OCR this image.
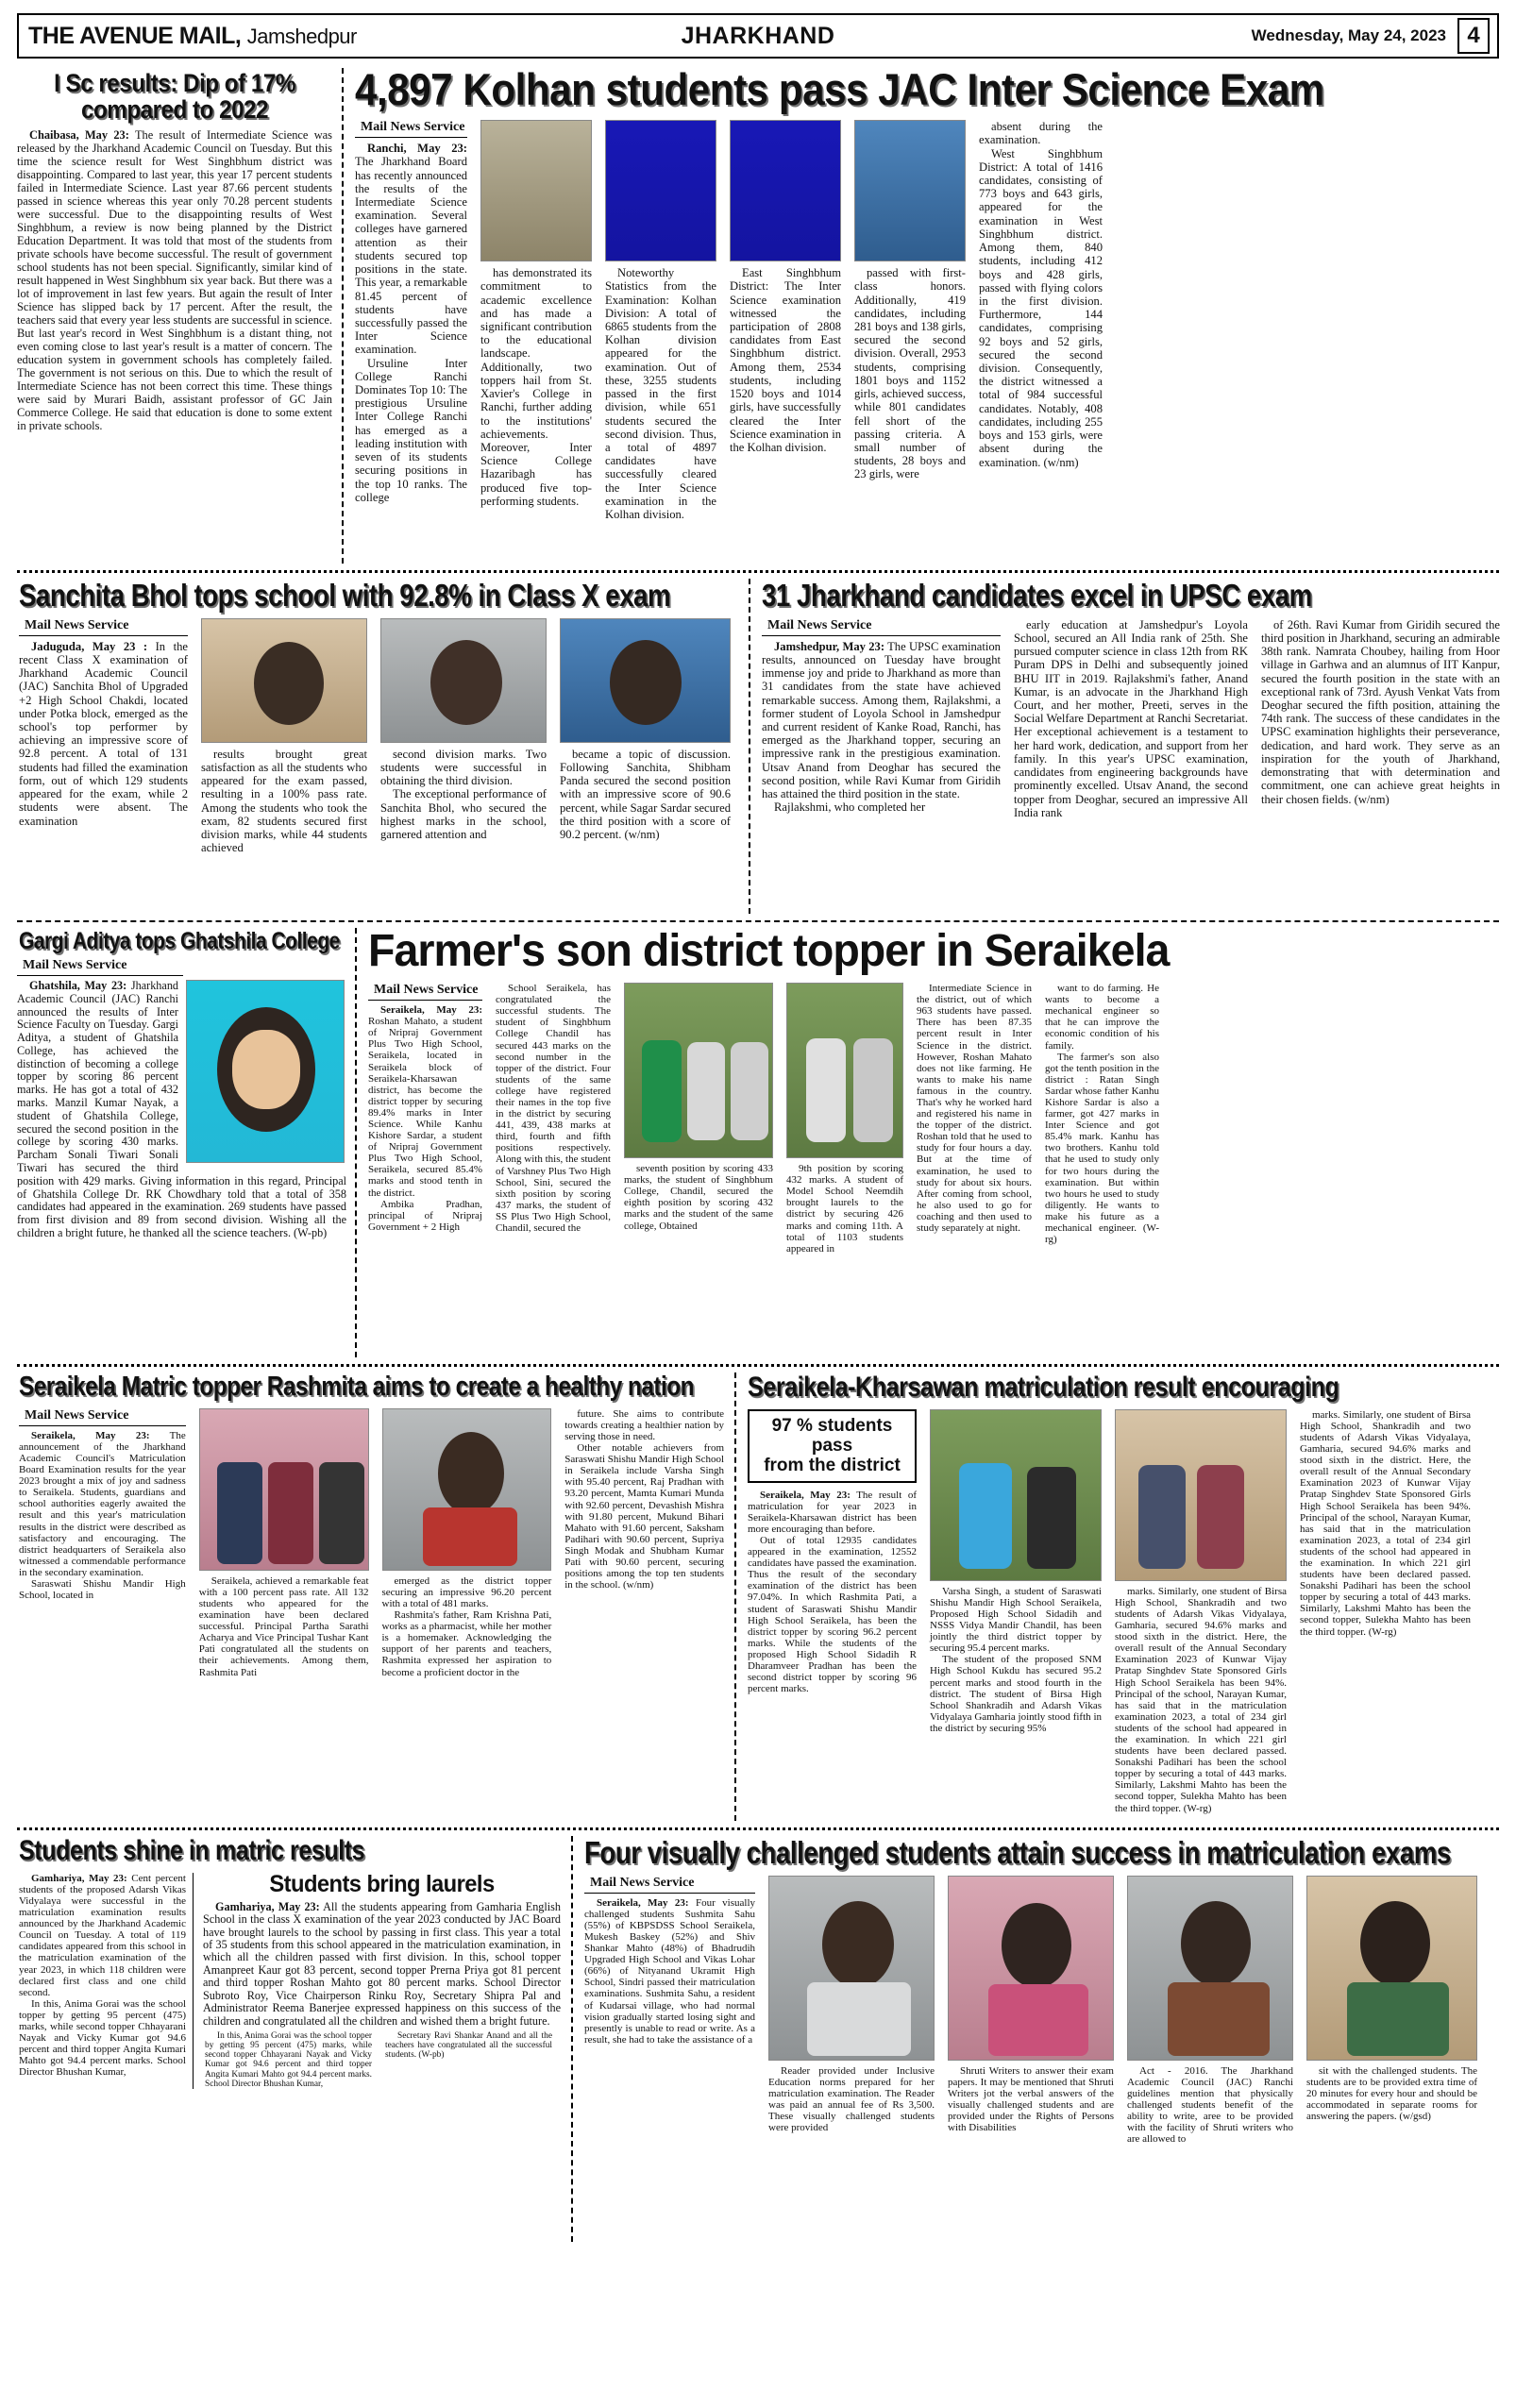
THE AVENUE MAIL, Jamshedpur	JHARKHAND	Wednesday, May 24, 2023 4
I Sc results: Dip of 17%
compared to 2022

Chaibasa, May 23: The result of Intermediate Science was released by the Jharkhand Academic Council on Tuesday. But this time the science result for West Singhbhum district was disappointing. Compared to last year, this year 17 percent students failed in Intermediate Science. Last year 87.66 percent students passed in science whereas this year only 70.28 percent students were successful. Due to the disappointing results of West Singhbhum, a review is now being planned by the District Education Department. It was told that most of the students from private schools have become successful. The result of government school students has not been special. Significantly, similar kind of result happened in West Singhbhum six year back. But there was a lot of improvement in last few years. But again the result of Inter Science has slipped back by 17 percent. After the result, the teachers said that every year less students are successful in science. But last year's record in West Singhbhum is a distant thing, not even coming close to last year's result is a matter of concern. The education system in government schools has completely failed. The government is not serious on this. Due to which the result of Intermediate Science has not been correct this time. These things were said by Murari Baidh, assistant professor of GC Jain Commerce College. He said that education is done to some extent in private schools.

4,897 Kolhan students pass JAC Inter Science Exam
Mail News Service

Ranchi, May 23: The Jharkhand Board has recently announced the results of the Intermediate Science examination. Several colleges have garnered attention as their students secured top positions in the state. This year, a remarkable 81.45 percent of students have successfully passed the Inter Science examination.

Ursuline Inter College Ranchi Dominates Top 10: The prestigious Ursuline Inter College Ranchi has emerged as a leading institution with seven of its students securing positions in the top 10 ranks. The college

has demonstrated its commitment to academic excellence and has made a significant contribution to the educational landscape. Additionally, two toppers hail from St. Xavier's College in Ranchi, further adding to the institutions' achievements. Moreover, Inter Science College Hazaribagh has produced five top-performing students.

Noteworthy Statistics from the Examination: Kolhan Division: A total of 6865 students from the Kolhan division appeared for the examination. Out of these, 3255 students passed in the first division, while 651 students secured the second division. Thus, a total of 4897 candidates have successfully cleared the Inter Science examination in the Kolhan division.

East Singhbhum District: The Inter Science examination witnessed the participation of 2808 candidates from East Singhbhum district. Among them, 2534 students, including 1520 boys and 1014 girls, have successfully cleared the Inter Science examination in the Kolhan division.

passed with first-class honors. Additionally, 419 candidates, including 281 boys and 138 girls, secured the second division. Overall, 2953 students, comprising 1801 boys and 1152 girls, achieved success, while 801 candidates fell short of the passing criteria. A small number of students, 28 boys and 23 girls, were

absent during the examination.

West Singhbhum District: A total of 1416 candidates, consisting of 773 boys and 643 girls, appeared for the examination in West Singhbhum district. Among them, 840 students, including 412 boys and 428 girls, passed with flying colors in the first division. Furthermore, 144 candidates, comprising 92 boys and 52 girls, secured the second division. Consequently, the district witnessed a total of 984 successful candidates. Notably, 408 candidates, including 255 boys and 153 girls, were absent during the examination. (w/nm)

Sanchita Bhol tops school with 92.8% in Class X exam
Mail News Service

Jaduguda, May 23 : In the recent Class X examination of Jharkhand Academic Council (JAC) Sanchita Bhol of Upgraded +2 High School Chakdi, located under Potka block, emerged as the school's top performer by achieving an impressive score of 92.8 percent. A total of 131 students had filled the examination form, out of which 129 students appeared for the exam, while 2 students were absent. The examination

results brought great satisfaction as all the students who appeared for the exam passed, resulting in a 100% pass rate. Among the students who took the exam, 82 students secured first division marks, while 44 students achieved

second division marks. Two students were successful in obtaining the third division.

The exceptional performance of Sanchita Bhol, who secured the highest marks in the school, garnered attention and

became a topic of discussion. Following Sanchita, Shibham Panda secured the second position with an impressive score of 90.6 percent, while Sagar Sardar secured the third position with a score of 90.2 percent. (w/nm)

31 Jharkhand candidates excel in UPSC exam
Mail News Service

Jamshedpur, May 23: The UPSC examination results, announced on Tuesday have brought immense joy and pride to Jharkhand as more than 31 candidates from the state have achieved remarkable success. Among them, Rajlakshmi, a former student of Loyola School in Jamshedpur and current resident of Kanke Road, Ranchi, has emerged as the Jharkhand topper, securing an impressive rank in the prestigious examination. Utsav Anand from Deoghar has secured the second position, while Ravi Kumar from Giridih has attained the third position in the state.

Rajlakshmi, who completed her

early education at Jamshedpur's Loyola School, secured an All India rank of 25th. She pursued computer science in class 12th from RK Puram DPS in Delhi and subsequently joined BHU IIT in 2019. Rajlakshmi's father, Anand Kumar, is an advocate in the Jharkhand High Court, and her mother, Preeti, serves in the Social Welfare Department at Ranchi Secretariat. Her exceptional achievement is a testament to her hard work, dedication, and support from her family. In this year's UPSC examination, candidates from engineering backgrounds have prominently excelled. Utsav Anand, the second topper from Deoghar, secured an impressive All India rank

of 26th. Ravi Kumar from Giridih secured the third position in Jharkhand, securing an admirable 38th rank. Namrata Choubey, hailing from Hoor village in Garhwa and an alumnus of IIT Kanpur, secured the fourth position in the state with an exceptional rank of 73rd. Ayush Venkat Vats from Deoghar secured the fifth position, attaining the 74th rank. The success of these candidates in the UPSC examination highlights their perseverance, dedication, and hard work. They serve as an inspiration for the youth of Jharkhand, demonstrating that with determination and commitment, one can achieve great heights in their chosen fields. (w/nm)

Gargi Aditya tops Ghatshila College
Mail News Service

Ghatshila, May 23: Jharkhand Academic Council (JAC) Ranchi announced the results of Inter Science Faculty on Tuesday. Gargi Aditya, a student of Ghatshila College, has achieved the distinction of becoming a college topper by scoring 86 percent marks. He has got a total of 432 marks. Manzil Kumar Nayak, a student of Ghatshila College, secured the second position in the college by scoring 430 marks. Parcham Sonali Tiwari Sonali Tiwari has secured the third position with 429 marks. Giving information in this regard, Principal of Ghatshila College Dr. RK Chowdhary told that a total of 358 candidates had appeared in the examination. 269 students have passed from first division and 89 from second division. Wishing all the children a bright future, he thanked all the science teachers. (W-pb)

Farmer's son district topper in Seraikela
Mail News Service

Seraikela, May 23: Roshan Mahato, a student of Nripraj Government Plus Two High School, Seraikela, located in Seraikela block of Seraikela-Kharsawan district, has become the district topper by securing 89.4% marks in Inter Science. While Kanhu Kishore Sardar, a student of Nripraj Government Plus Two High School, Seraikela, secured 85.4% marks and stood tenth in the district.

Ambika Pradhan, principal of Nripraj Government + 2 High

School Seraikela, has congratulated the successful students. The student of Singhbhum College Chandil has secured 443 marks on the second number in the topper of the district. Four students of the same college have registered their names in the top five in the district by securing 441, 439, 438 marks at third, fourth and fifth positions respectively. Along with this, the student of Varshney Plus Two High School, Sini, secured the sixth position by scoring 437 marks, the student of SS Plus Two High School, Chandil, secured the

seventh position by scoring 433 marks, the student of Singhbhum College, Chandil, secured the eighth position by scoring 432 marks and the student of the same college, Obtained

9th position by scoring 432 marks. A student of Model School Neemdih brought laurels to the district by securing 426 marks and coming 11th. A total of 1103 students appeared in

Intermediate Science in the district, out of which 963 students have passed. There has been 87.35 percent result in Inter Science in the district. However, Roshan Mahato does not like farming. He wants to make his name famous in the country. That's why he worked hard and registered his name in the topper of the district. Roshan told that he used to study for four hours a day. But at the time of examination, he used to study for about six hours. After coming from school, he also used to go for coaching and then used to study separately at night.

want to do farming. He wants to become a mechanical engineer so that he can improve the economic condition of his family.

The farmer's son also got the tenth position in the district : Ratan Singh Sardar whose father Kanhu Kishore Sardar is also a farmer, got 427 marks in Inter Science and got 85.4% mark. Kanhu has two brothers. Kanhu told that he used to study only for two hours during the examination. But within two hours he used to study diligently. He wants to make his future as a mechanical engineer. (W-rg)

Seraikela Matric topper Rashmita aims to create a healthy nation
Mail News Service

Seraikela, May 23: The announcement of the Jharkhand Academic Council's Matriculation Board Examination results for the year 2023 brought a mix of joy and sadness to Seraikela. Students, guardians and school authorities eagerly awaited the result and this year's matriculation results in the district were described as satisfactory and encouraging. The district headquarters of Seraikela also witnessed a commendable performance in the secondary examination.

Saraswati Shishu Mandir High School, located in

Seraikela, achieved a remarkable feat with a 100 percent pass rate. All 132 students who appeared for the examination have been declared successful. Principal Partha Sarathi Acharya and Vice Principal Tushar Kant Pati congratulated all the students on their achievements. Among them, Rashmita Pati

emerged as the district topper securing an impressive 96.20 percent with a total of 481 marks.

Rashmita's father, Ram Krishna Pati, works as a pharmacist, while her mother is a homemaker. Acknowledging the support of her parents and teachers, Rashmita expressed her aspiration to become a proficient doctor in the

future. She aims to contribute towards creating a healthier nation by serving those in need.

Other notable achievers from Saraswati Shishu Mandir High School in Seraikela include Varsha Singh with 95.40 percent, Raj Pradhan with 93.20 percent, Mamta Kumari Munda with 92.60 percent, Devashish Mishra with 91.80 percent, Mukund Bihari Mahato with 91.60 percent, Saksham Padihari with 90.60 percent, Supriya Singh Modak and Shubham Kumar Pati with 90.60 percent, securing positions among the top ten students in the school. (w/nm)

Seraikela-Kharsawan matriculation result encouraging
97 % students pass
from the district

Seraikela, May 23: The result of matriculation for year 2023 in Seraikela-Kharsawan district has been more encouraging than before.

Out of total 12935 candidates appeared in the examination, 12552 candidates have passed the examination. Thus the result of the secondary examination of the district has been 97.04%. In which Rashmita Pati, a student of Saraswati Shishu Mandir High School Seraikela, has been the district topper by scoring 96.2 percent marks. While the students of the proposed High School Sidadih R Dharamveer Pradhan has been the second district topper by scoring 96 percent marks.

Varsha Singh, a student of Saraswati Shishu Mandir High School Seraikela, Proposed High School Sidadih and NSSS Vidya Mandir Chandil, has been jointly the third district topper by securing 95.4 percent marks.

The student of the proposed SNM High School Kukdu has secured 95.2 percent marks and stood fourth in the district. The student of Birsa High School Shankradih and Adarsh Vikas Vidyalaya Gamharia jointly stood fifth in the district by securing 95%

marks. Similarly, one student of Birsa High School, Shankradih and two students of Adarsh Vikas Vidyalaya, Gamharia, secured 94.6% marks and stood sixth in the district. Here, the overall result of the Annual Secondary Examination 2023 of Kunwar Vijay Pratap Singhdev State Sponsored Girls High School Seraikela has been 94%. Principal of the school, Narayan Kumar, has said that in the matriculation examination 2023, a total of 234 girl students of the school had appeared in the examination. In which 221 girl students have been declared passed. Sonakshi Padihari has been the school topper by securing a total of 443 marks. Similarly, Lakshmi Mahto has been the second topper, Sulekha Mahto has been the third topper. (W-rg)

marks. Similarly, one student of Birsa High School, Shankradih and two students of Adarsh Vikas Vidyalaya, Gamharia, secured 94.6% marks and stood sixth in the district. Here, the overall result of the Annual Secondary Examination 2023 of Kunwar Vijay Pratap Singhdev State Sponsored Girls High School Seraikela has been 94%. Principal of the school, Narayan Kumar, has said that in the matriculation examination 2023, a total of 234 girl students of the school had appeared in the examination. In which 221 girl students have been declared passed. Sonakshi Padihari has been the school topper by securing a total of 443 marks. Similarly, Lakshmi Mahto has been the second topper, Sulekha Mahto has been the third topper. (W-rg)

Students shine in matric results

Gamhariya, May 23: Cent percent students of the proposed Adarsh Vikas Vidyalaya were successful in the matriculation examination results announced by the Jharkhand Academic Council on Tuesday. A total of 119 candidates appeared from this school in the matriculation examination of the year 2023, in which 118 children were declared first class and one child second.

In this, Anima Gorai was the school topper by getting 95 percent (475) marks, while second topper Chhayarani Nayak and Vicky Kumar got 94.6 percent and third topper Angita Kumari Mahto got 94.4 percent marks. School Director Bhushan Kumar,

Students bring laurels

Gamhariya, May 23: All the students appearing from Gamharia English School in the class X examination of the year 2023 conducted by JAC Board have brought laurels to the school by passing in first class. This year a total of 35 students from this school appeared in the matriculation examination, in which all the children passed with first division. In this, school topper Amanpreet Kaur got 83 percent, second topper Prerna Priya got 81 percent and third topper Roshan Mahto got 80 percent marks. School Director Subroto Roy, Vice Chairperson Rinku Roy, Secretary Shipra Pal and Administrator Reema Banerjee expressed happiness on this success of the children and congratulated all the children and wished them a bright future.

In this, Anima Gorai was the school topper by getting 95 percent (475) marks, while second topper Chhayarani Nayak and Vicky Kumar got 94.6 percent and third topper Angita Kumari Mahto got 94.4 percent marks. School Director Bhushan Kumar,

Secretary Ravi Shankar Anand and all the teachers have congratulated all the successful students. (W-pb)

Four visually challenged students attain success in matriculation exams
Mail News Service

Seraikela, May 23: Four visually challenged students Sushmita Sahu (55%) of KBPSDSS School Seraikela, Mukesh Baskey (52%) and Shiv Shankar Mahto (48%) of Bhadrudih Upgraded High School and Vikas Lohar (66%) of Nityanand Ukramit High School, Sindri passed their matriculation examinations. Sushmita Sahu, a resident of Kudarsai village, who had normal vision gradually started losing sight and presently is unable to read or write. As a result, she had to take the assistance of a

Reader provided under Inclusive Education norms prepared for her matriculation examination. The Reader was paid an annual fee of Rs 3,500. These visually challenged students were provided

Shruti Writers to answer their exam papers. It may be mentioned that Shruti Writers jot the verbal answers of the visually challenged students and are provided under the Rights of Persons with Disabilities

Act - 2016. The Jharkhand Academic Council (JAC) Ranchi guidelines mention that physically challenged students benefit of the ability to write, aree to be provided with the facility of Shruti writers who are allowed to

sit with the challenged students. The students are to be provided extra time of 20 minutes for every hour and should be accommodated in separate rooms for answering the papers. (w/gsd)
